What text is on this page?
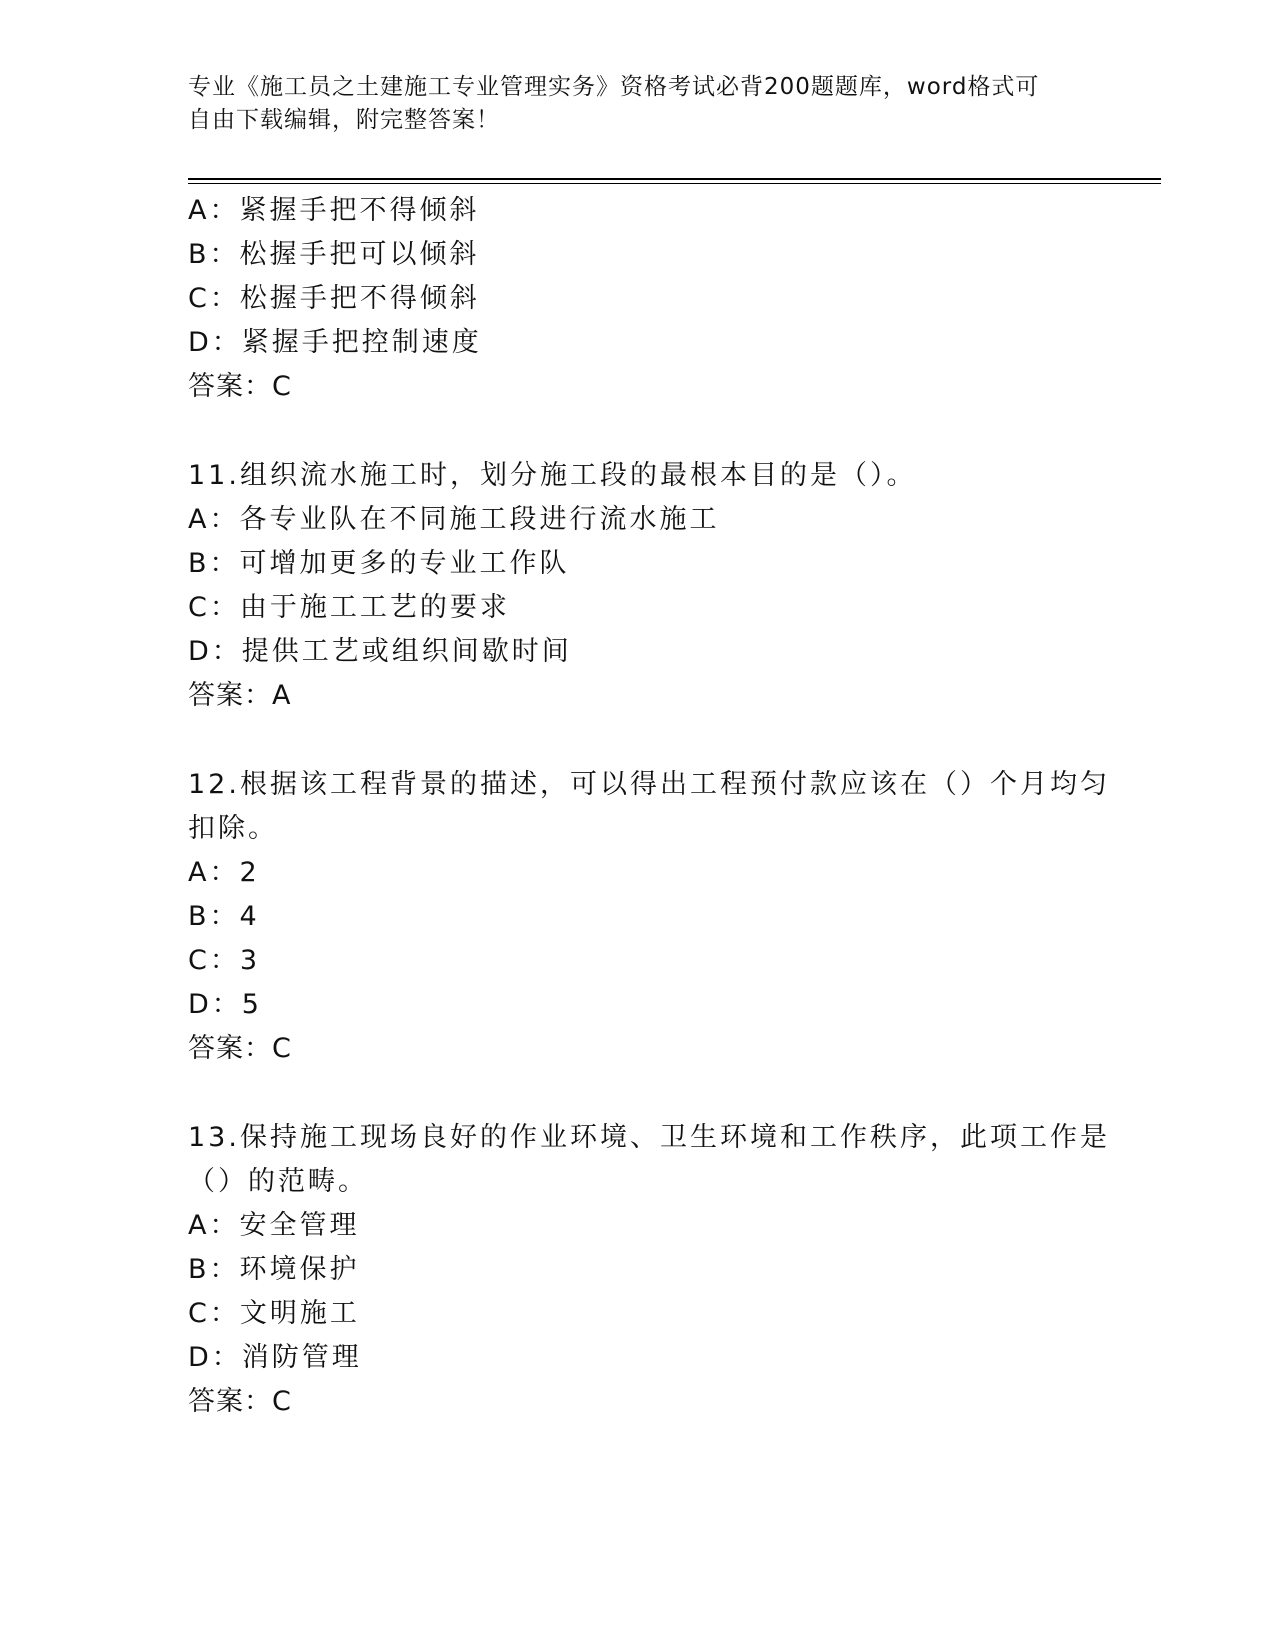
专业《施工员之土建施工专业管理实务》资格考试必背200题题库，word格式可
自由下载编辑，附完整答案！
A：紧握手把不得倾斜
B：松握手把可以倾斜
C：松握手把不得倾斜
D：紧握手把控制速度
答案：C
11.组织流水施工时，划分施工段的最根本目的是（）。
A：各专业队在不同施工段进行流水施工
B：可增加更多的专业工作队
C：由于施工工艺的要求
D：提供工艺或组织间歇时间
答案：A
12.根据该工程背景的描述，可以得出工程预付款应该在（）个月均匀
扣除。
A：2
B：4
C：3
D：5
答案：C
13.保持施工现场良好的作业环境、卫生环境和工作秩序，此项工作是
（）的范畴。
A：安全管理
B：环境保护
C：文明施工
D：消防管理
答案：C
